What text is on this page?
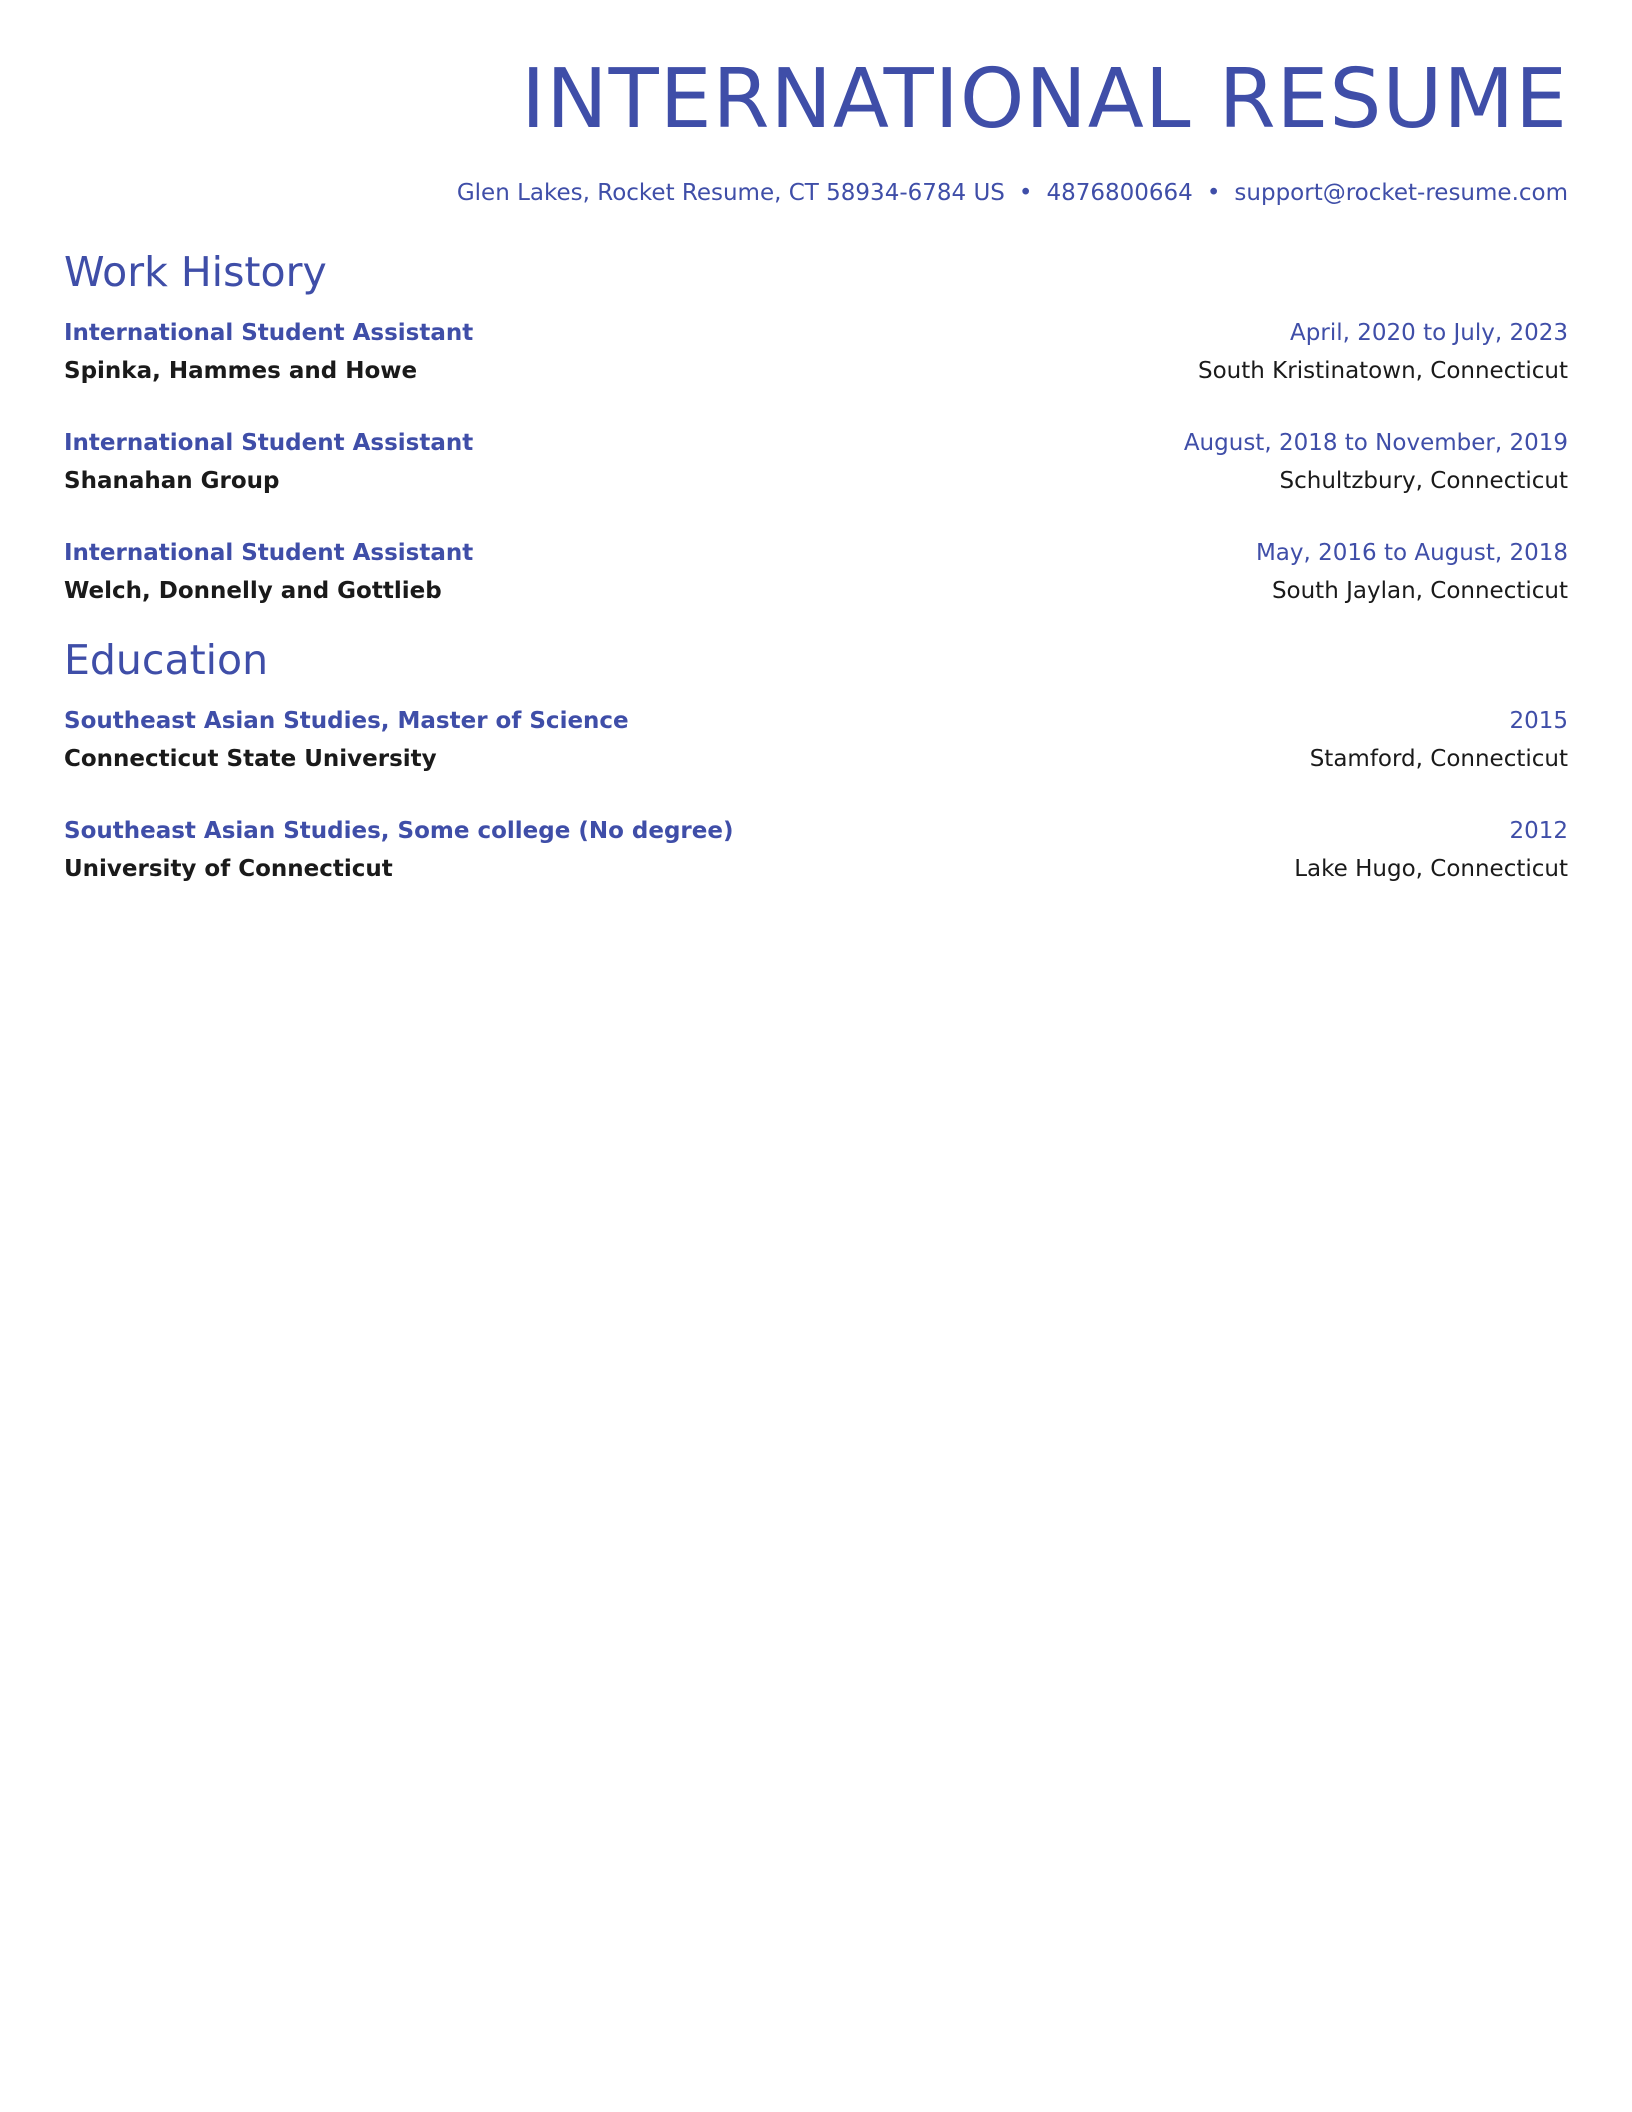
INTERNATIONAL RESUME
Glen Lakes, Rocket Resume, CT 58934-6784 US • 4876800664 • support@rocket-resume.com
Work History
International Student Assistant	April, 2020 to July, 2023
Spinka, Hammes and Howe	South Kristinatown, Connecticut
International Student Assistant	August, 2018 to November, 2019
Shanahan Group	Schultzbury, Connecticut
International Student Assistant	May, 2016 to August, 2018
Welch, Donnelly and Gottlieb	South Jaylan, Connecticut
Education
Southeast Asian Studies, Master of Science	2015
Connecticut State University	Stamford, Connecticut
Southeast Asian Studies, Some college (No degree)	2012
University of Connecticut	Lake Hugo, Connecticut
